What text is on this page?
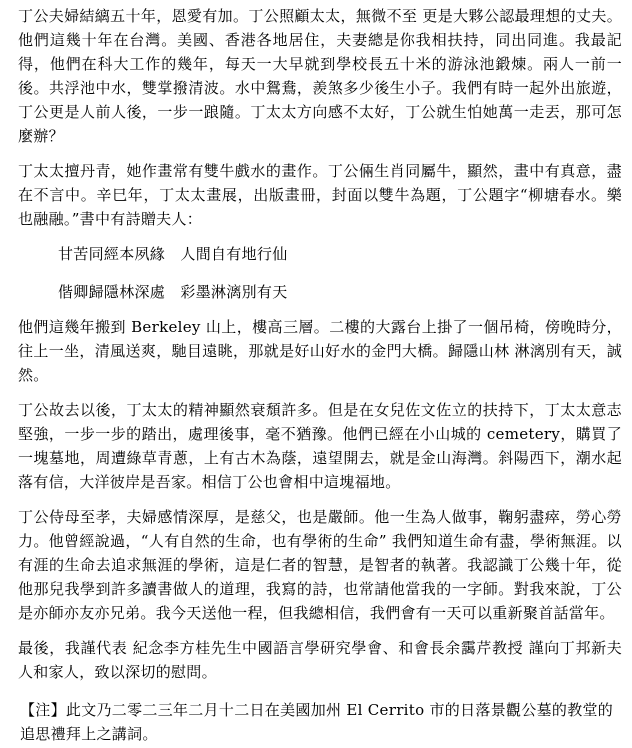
丁公夫婦結縭五十年，恩愛有加。丁公照顧太太，無微不至 更是大夥公認最理想的丈夫。他們這幾十年在台灣。美國、香港各地居住，夫妻總是你我相扶持，同出同進。我最記得，他們在科大工作的幾年，每天一大早就到學校長五十米的游泳池鍛煉。兩人一前一後。共浮池中水，雙掌撥清波。水中鴛鴦，羨煞多少後生小子。我們有時一起外出旅遊，丁公更是人前人後，一步一踉隨。丁太太方向感不太好，丁公就生怕她萬一走丟，那可怎麼辦？

丁太太擅丹青，她作畫常有雙牛戲水的畫作。丁公倆生肖同屬牛，顯然，畫中有真意，盡在不言中。辛巳年，丁太太畫展，出版畫冊，封面以雙牛為題，丁公題字“柳塘春水。樂也融融。”書中有詩贈夫人：

甘苦同經本夙緣　人間自有地行仙
偕卿歸隱林深處　彩墨淋漓別有天

他們這幾年搬到 Berkeley 山上，樓高三層。二樓的大露台上掛了一個吊椅，傍晚時分，往上一坐，清風送爽，馳目遠眺，那就是好山好水的金門大橋。歸隱山林 淋漓別有天，誠然。

丁公故去以後，丁太太的精神顯然衰頹許多。但是在女兒佐文佐立的扶持下，丁太太意志堅強，一步一步的踏出，處理後事，毫不猶豫。他們已經在小山城的 cemetery，購買了一塊墓地，周遭綠草青蔥，上有古木為蔭，遠望開去，就是金山海灣。斜陽西下，潮水起落有信，大洋彼岸是吾家。相信丁公也會相中這塊福地。

丁公侍母至孝，夫婦感情深厚，是慈父，也是嚴師。他一生為人做事，鞠躬盡瘁，勞心勞力。他曾經說過，“人有自然的生命，也有學術的生命” 我們知道生命有盡，學術無涯。以有涯的生命去追求無涯的學術，這是仁者的智慧，是智者的執著。我認識丁公幾十年，從他那兒我學到許多讀書做人的道理，我寫的詩，也常請他當我的一字師。對我來說，丁公是亦師亦友亦兄弟。我今天送他一程，但我總相信，我們會有一天可以重新聚首話當年。

最後，我謹代表 紀念李方桂先生中國語言學研究學會、和會長余靄芹教授 謹向丁邦新夫人和家人，致以深切的慰問。

【注】此文乃二零二三年二月十二日在美國加州 El Cerrito 市的日落景觀公墓的教堂的追思禮拜上之講詞。
